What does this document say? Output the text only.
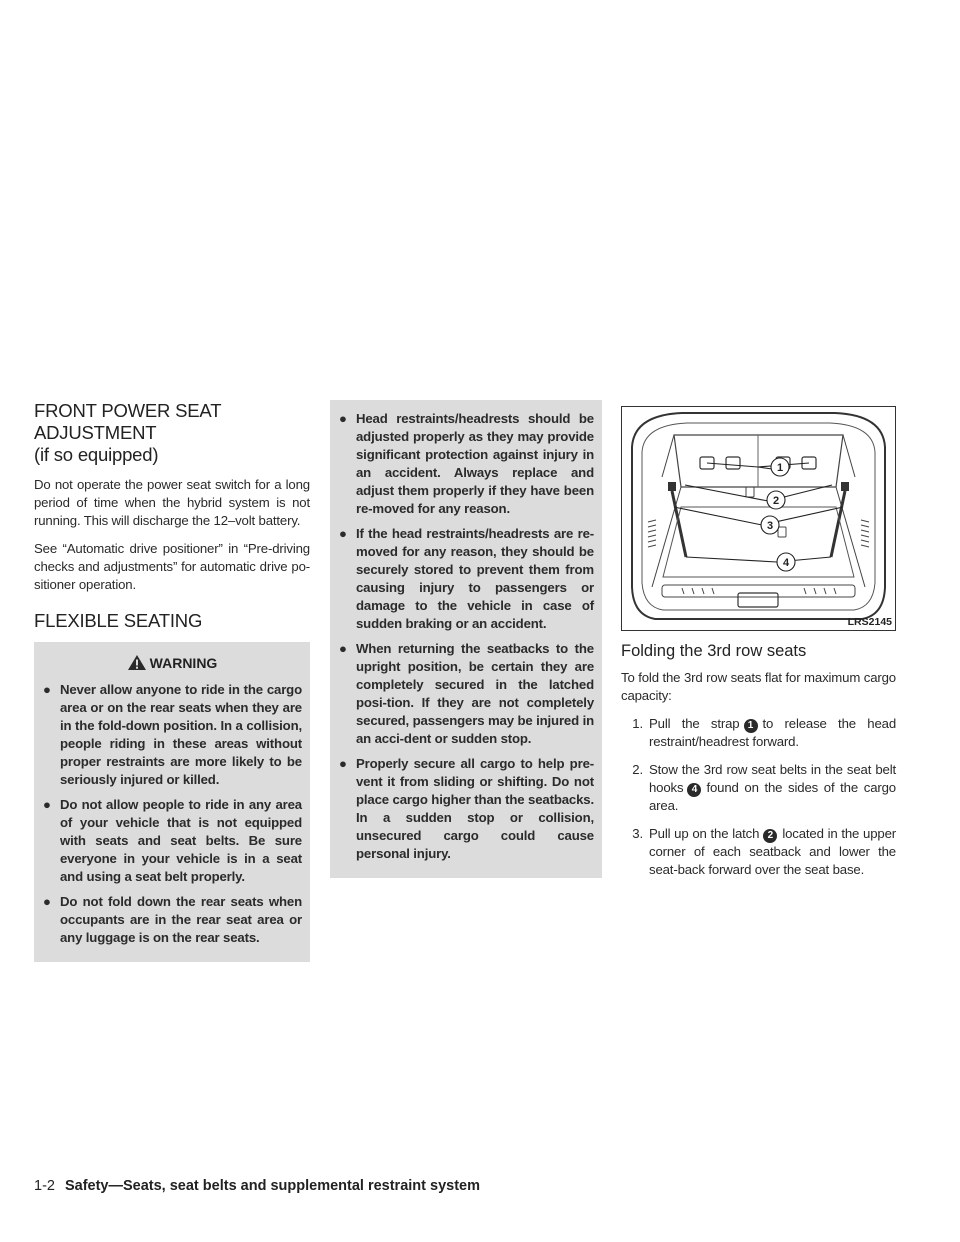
FRONT POWER SEAT ADJUSTMENT
(if so equipped)

Do not operate the power seat switch for a long period of time when the hybrid system is not running. This will discharge the 12–volt battery.

See “Automatic drive positioner” in “Pre-driving checks and adjustments” for automatic drive po-sitioner operation.

FLEXIBLE SEATING
WARNING
● Never allow anyone to ride in the cargo area or on the rear seats when they are in the fold-down position. In a collision, people riding in these areas without proper restraints are more likely to be seriously injured or killed.
● Do not allow people to ride in any area of your vehicle that is not equipped with seats and seat belts. Be sure everyone in your vehicle is in a seat and using a seat belt properly.
● Do not fold down the rear seats when occupants are in the rear seat area or any luggage is on the rear seats.
● Head restraints/headrests should be adjusted properly as they may provide significant protection against injury in an accident. Always replace and adjust them properly if they have been re-moved for any reason.
● If the head restraints/headrests are re-moved for any reason, they should be securely stored to prevent them from causing injury to passengers or damage to the vehicle in case of sudden braking or an accident.
● When returning the seatbacks to the upright position, be certain they are completely secured in the latched posi-tion. If they are not completely secured, passengers may be injured in an acci-dent or sudden stop.
● Properly secure all cargo to help pre-vent it from sliding or shifting. Do not place cargo higher than the seatbacks. In a sudden stop or collision, unsecured cargo could cause personal injury.
1
2
3
4
LRS2145
Folding the 3rd row seats

To fold the 3rd row seats flat for maximum cargo capacity:

1. Pull the strap 1 to release the head restraint/headrest forward.
2. Stow the 3rd row seat belts in the seat belt hooks 4 found on the sides of the cargo area.
3. Pull up on the latch 2 located in the upper corner of each seatback and lower the seat-back forward over the seat base.
1-2 Safety—Seats, seat belts and supplemental restraint system
